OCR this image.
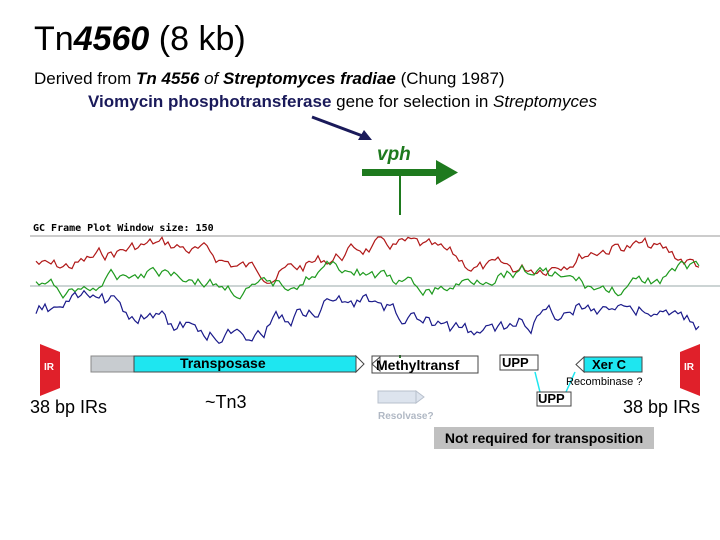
Tn4560 (8 kb)
Derived from Tn 4556 of Streptomyces fradiae (Chung 1987)
Viomycin phosphotransferase gene for selection in Streptomyces
vph
GC Frame Plot Window size: 150
IR	IR
Transposase	Methyltransf	UPP	Xer C
UPP
Resolvase?
38 bp IRs	38 bp IRs
~Tn3
Recombinase ?
Not required for transposition
